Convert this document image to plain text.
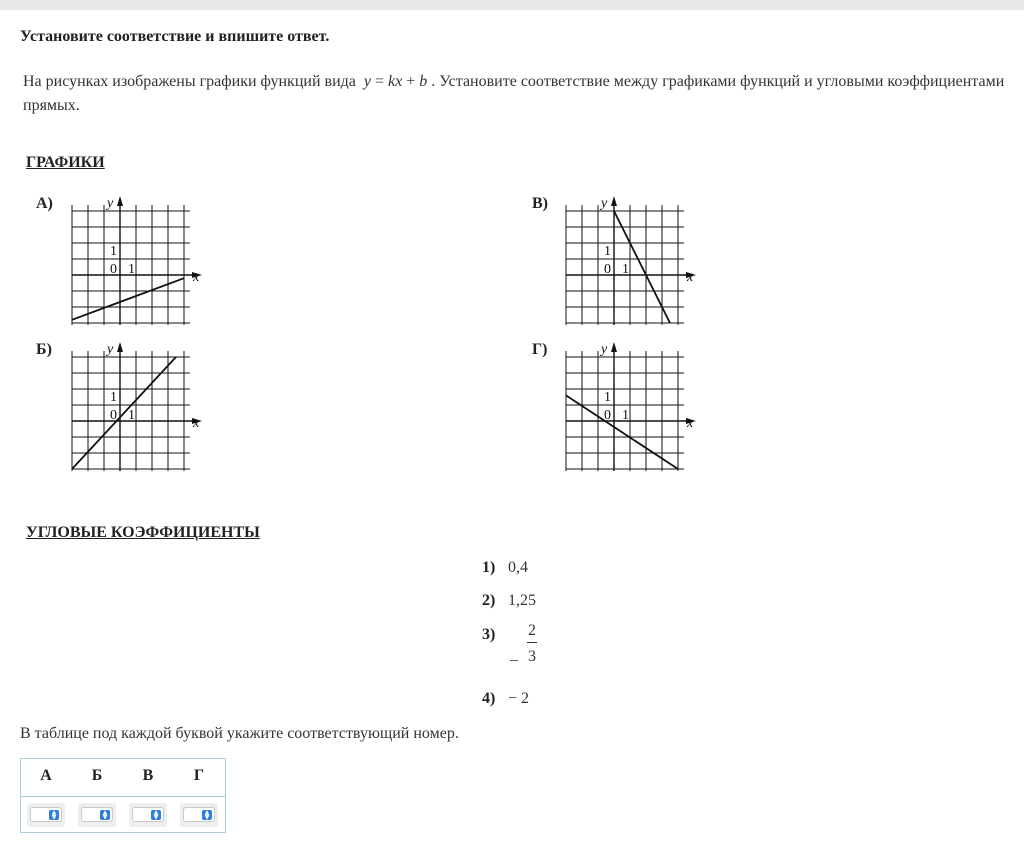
Установите соответствие и впишите ответ.
На рисунках изображены графики функций вида y = kx + b . Установите соответствие между графиками функций и угловыми коэффициентами прямых.
ГРАФИКИ
А)
Б)
В)
Г)
x
y
0 1
1
x
y
0 1
1
x
y
0 1
1
x
y
0 1
1
УГЛОВЫЕ КОЭФФИЦИЕНТЫ
1) 0,4
2) 1,25
3)
_
2
3
4) − 2
В таблице под каждой буквой укажите соответствующий номер.
А	Б	В	Г
▲
▼
▲
▼
▲
▼
▲
▼
